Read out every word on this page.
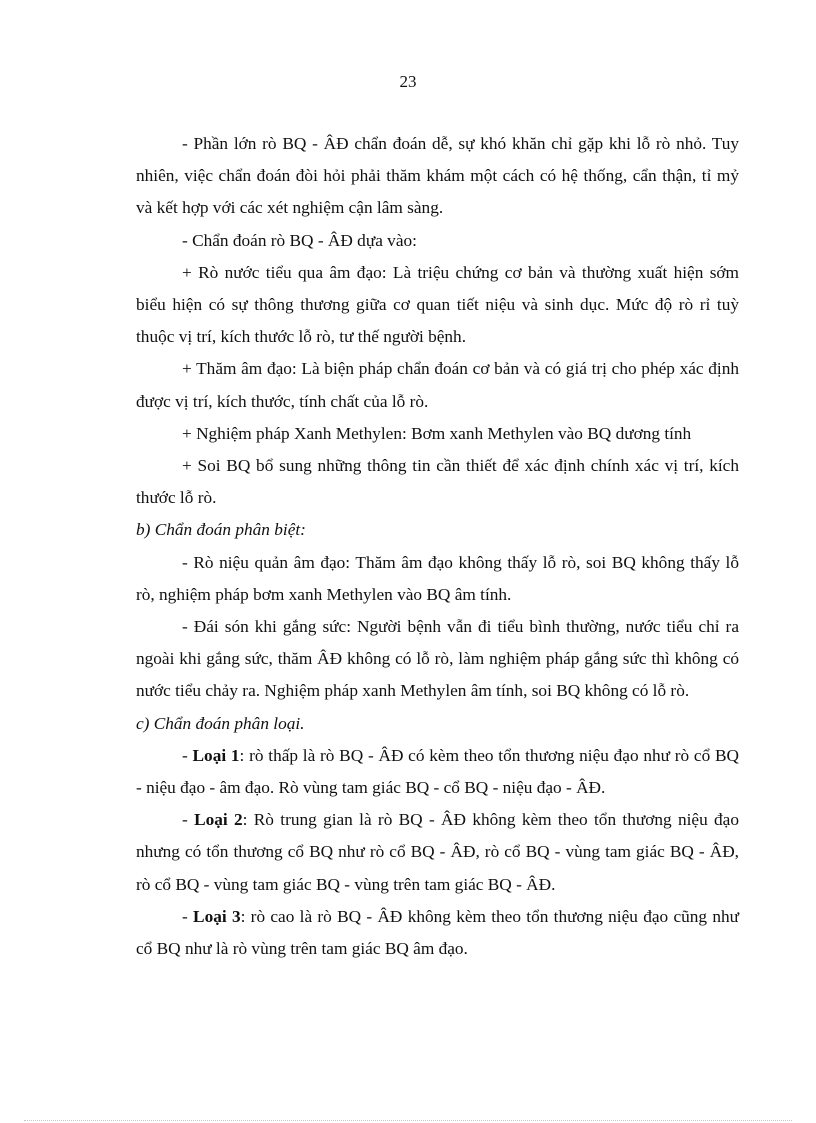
23

- Phần lớn rò BQ - ÂĐ chẩn đoán dễ, sự khó khăn chỉ gặp khi lỗ rò nhỏ. Tuy nhiên, việc chẩn đoán đòi hỏi phải thăm khám một cách có hệ thống, cẩn thận, tỉ mỷ và kết hợp với các xét nghiệm cận lâm sàng.

- Chẩn đoán rò BQ - ÂĐ dựa vào:

+ Rò nước tiểu qua âm đạo: Là triệu chứng cơ bản và thường xuất hiện sớm biểu hiện có sự thông thương giữa cơ quan tiết niệu và sinh dục. Mức độ rò rỉ tuỳ thuộc vị trí, kích thước lỗ rò, tư thế người bệnh.

+ Thăm âm đạo: Là biện pháp chẩn đoán cơ bản và có giá trị cho phép xác định được vị trí, kích thước, tính chất của lỗ rò.

+ Nghiệm pháp Xanh Methylen: Bơm xanh Methylen vào BQ dương tính

+ Soi BQ bổ sung những thông tin cần thiết để xác định chính xác vị trí, kích thước lỗ rò.

b) Chẩn đoán phân biệt:

- Rò niệu quản âm đạo: Thăm âm đạo không thấy lỗ rò, soi BQ không thấy lỗ rò, nghiệm pháp bơm xanh Methylen vào BQ âm tính.

- Đái són khi gắng sức: Người bệnh vẫn đi tiểu bình thường, nước tiểu chỉ ra ngoài khi gắng sức, thăm ÂĐ không có lỗ rò, làm nghiệm pháp gắng sức thì không có nước tiểu chảy ra. Nghiệm pháp xanh Methylen âm tính, soi BQ không có lỗ rò.

c) Chẩn đoán phân loại.

- Loại 1: rò thấp là rò BQ - ÂĐ có kèm theo tổn thương niệu đạo như rò cổ BQ - niệu đạo - âm đạo. Rò vùng tam giác BQ - cổ BQ - niệu đạo - ÂĐ.

- Loại 2: Rò trung gian là rò BQ - ÂĐ không kèm theo tổn thương niệu đạo nhưng có tổn thương cổ BQ như rò cổ BQ - ÂĐ, rò cổ BQ - vùng tam giác BQ - ÂĐ, rò cổ BQ - vùng tam giác BQ - vùng trên tam giác BQ - ÂĐ.

- Loại 3: rò cao là rò BQ - ÂĐ không kèm theo tổn thương niệu đạo cũng như cổ BQ như là rò vùng trên tam giác BQ âm đạo.
